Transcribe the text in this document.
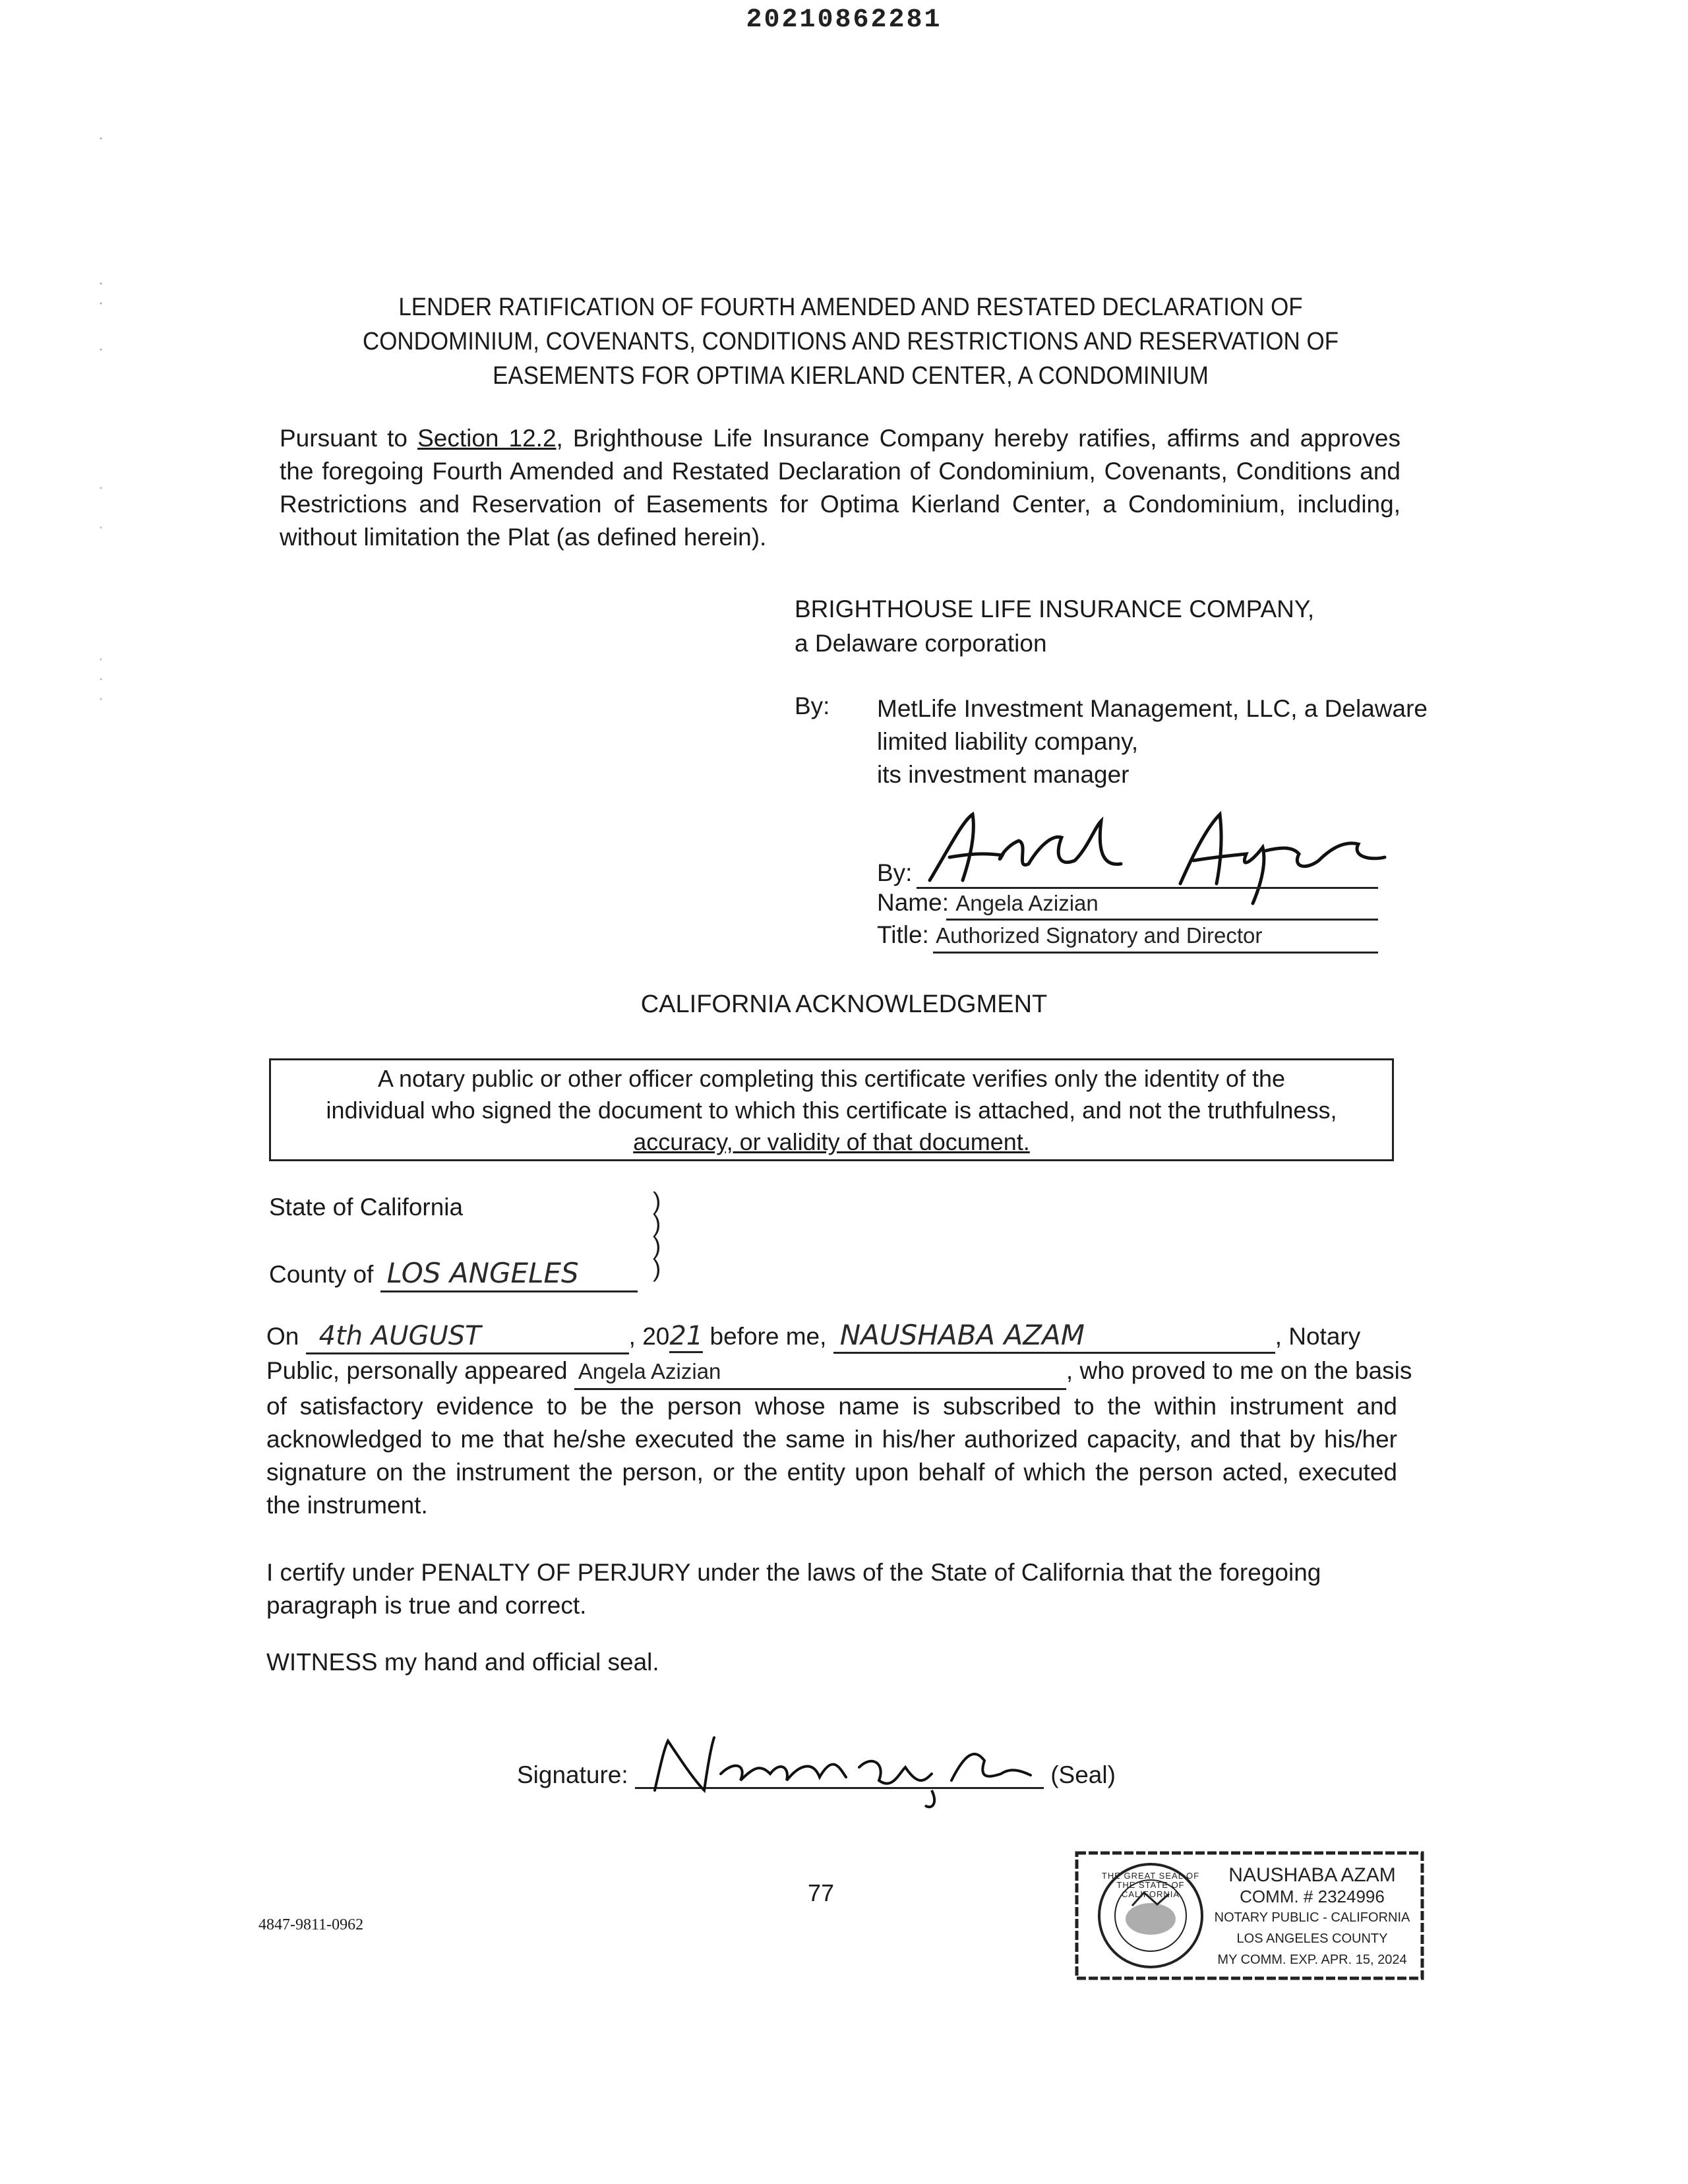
20210862281
LENDER RATIFICATION OF FOURTH AMENDED AND RESTATED DECLARATION OF
CONDOMINIUM, COVENANTS, CONDITIONS AND RESTRICTIONS AND RESERVATION OF
EASEMENTS FOR OPTIMA KIERLAND CENTER, A CONDOMINIUM
Pursuant to Section 12.2, Brighthouse Life Insurance Company hereby ratifies, affirms and approves the foregoing Fourth Amended and Restated Declaration of Condominium, Covenants, Conditions and Restrictions and Reservation of Easements for Optima Kierland Center, a Condominium, including, without limitation the Plat (as defined herein).
BRIGHTHOUSE LIFE INSURANCE COMPANY,
a Delaware corporation
By: MetLife Investment Management, LLC, a Delaware
limited liability company,
its investment manager
By:
Name: Angela Azizian
Title: Authorized Signatory and Director
CALIFORNIA ACKNOWLEDGMENT
A notary public or other officer completing this certificate verifies only the identity of the
individual who signed the document to which this certificate is attached, and not the truthfulness,
accuracy, or validity of that document.
State of California
County of LOS ANGELES
)
)
)
)
On 4th AUGUST	, 2021 before me, NAUSHABA AZAM	, Notary
Public, personally appeared Angela Azizian	, who proved to me on the basis
of satisfactory evidence to be the person whose name is subscribed to the within instrument and acknowledged to me that he/she executed the same in his/her authorized capacity, and that by his/her signature on the instrument the person, or the entity upon behalf of which the person acted, executed the instrument.
I certify under PENALTY OF PERJURY under the laws of the State of California that the foregoing paragraph is true and correct.
WITNESS my hand and official seal.
Signature:	(Seal)
77
4847-9811-0962
THE GREAT SEAL OF THE STATE OF CALIFORNIA
NAUSHABA AZAM
COMM. # 2324996
NOTARY PUBLIC - CALIFORNIA
LOS ANGELES COUNTY
MY COMM. EXP. APR. 15, 2024
